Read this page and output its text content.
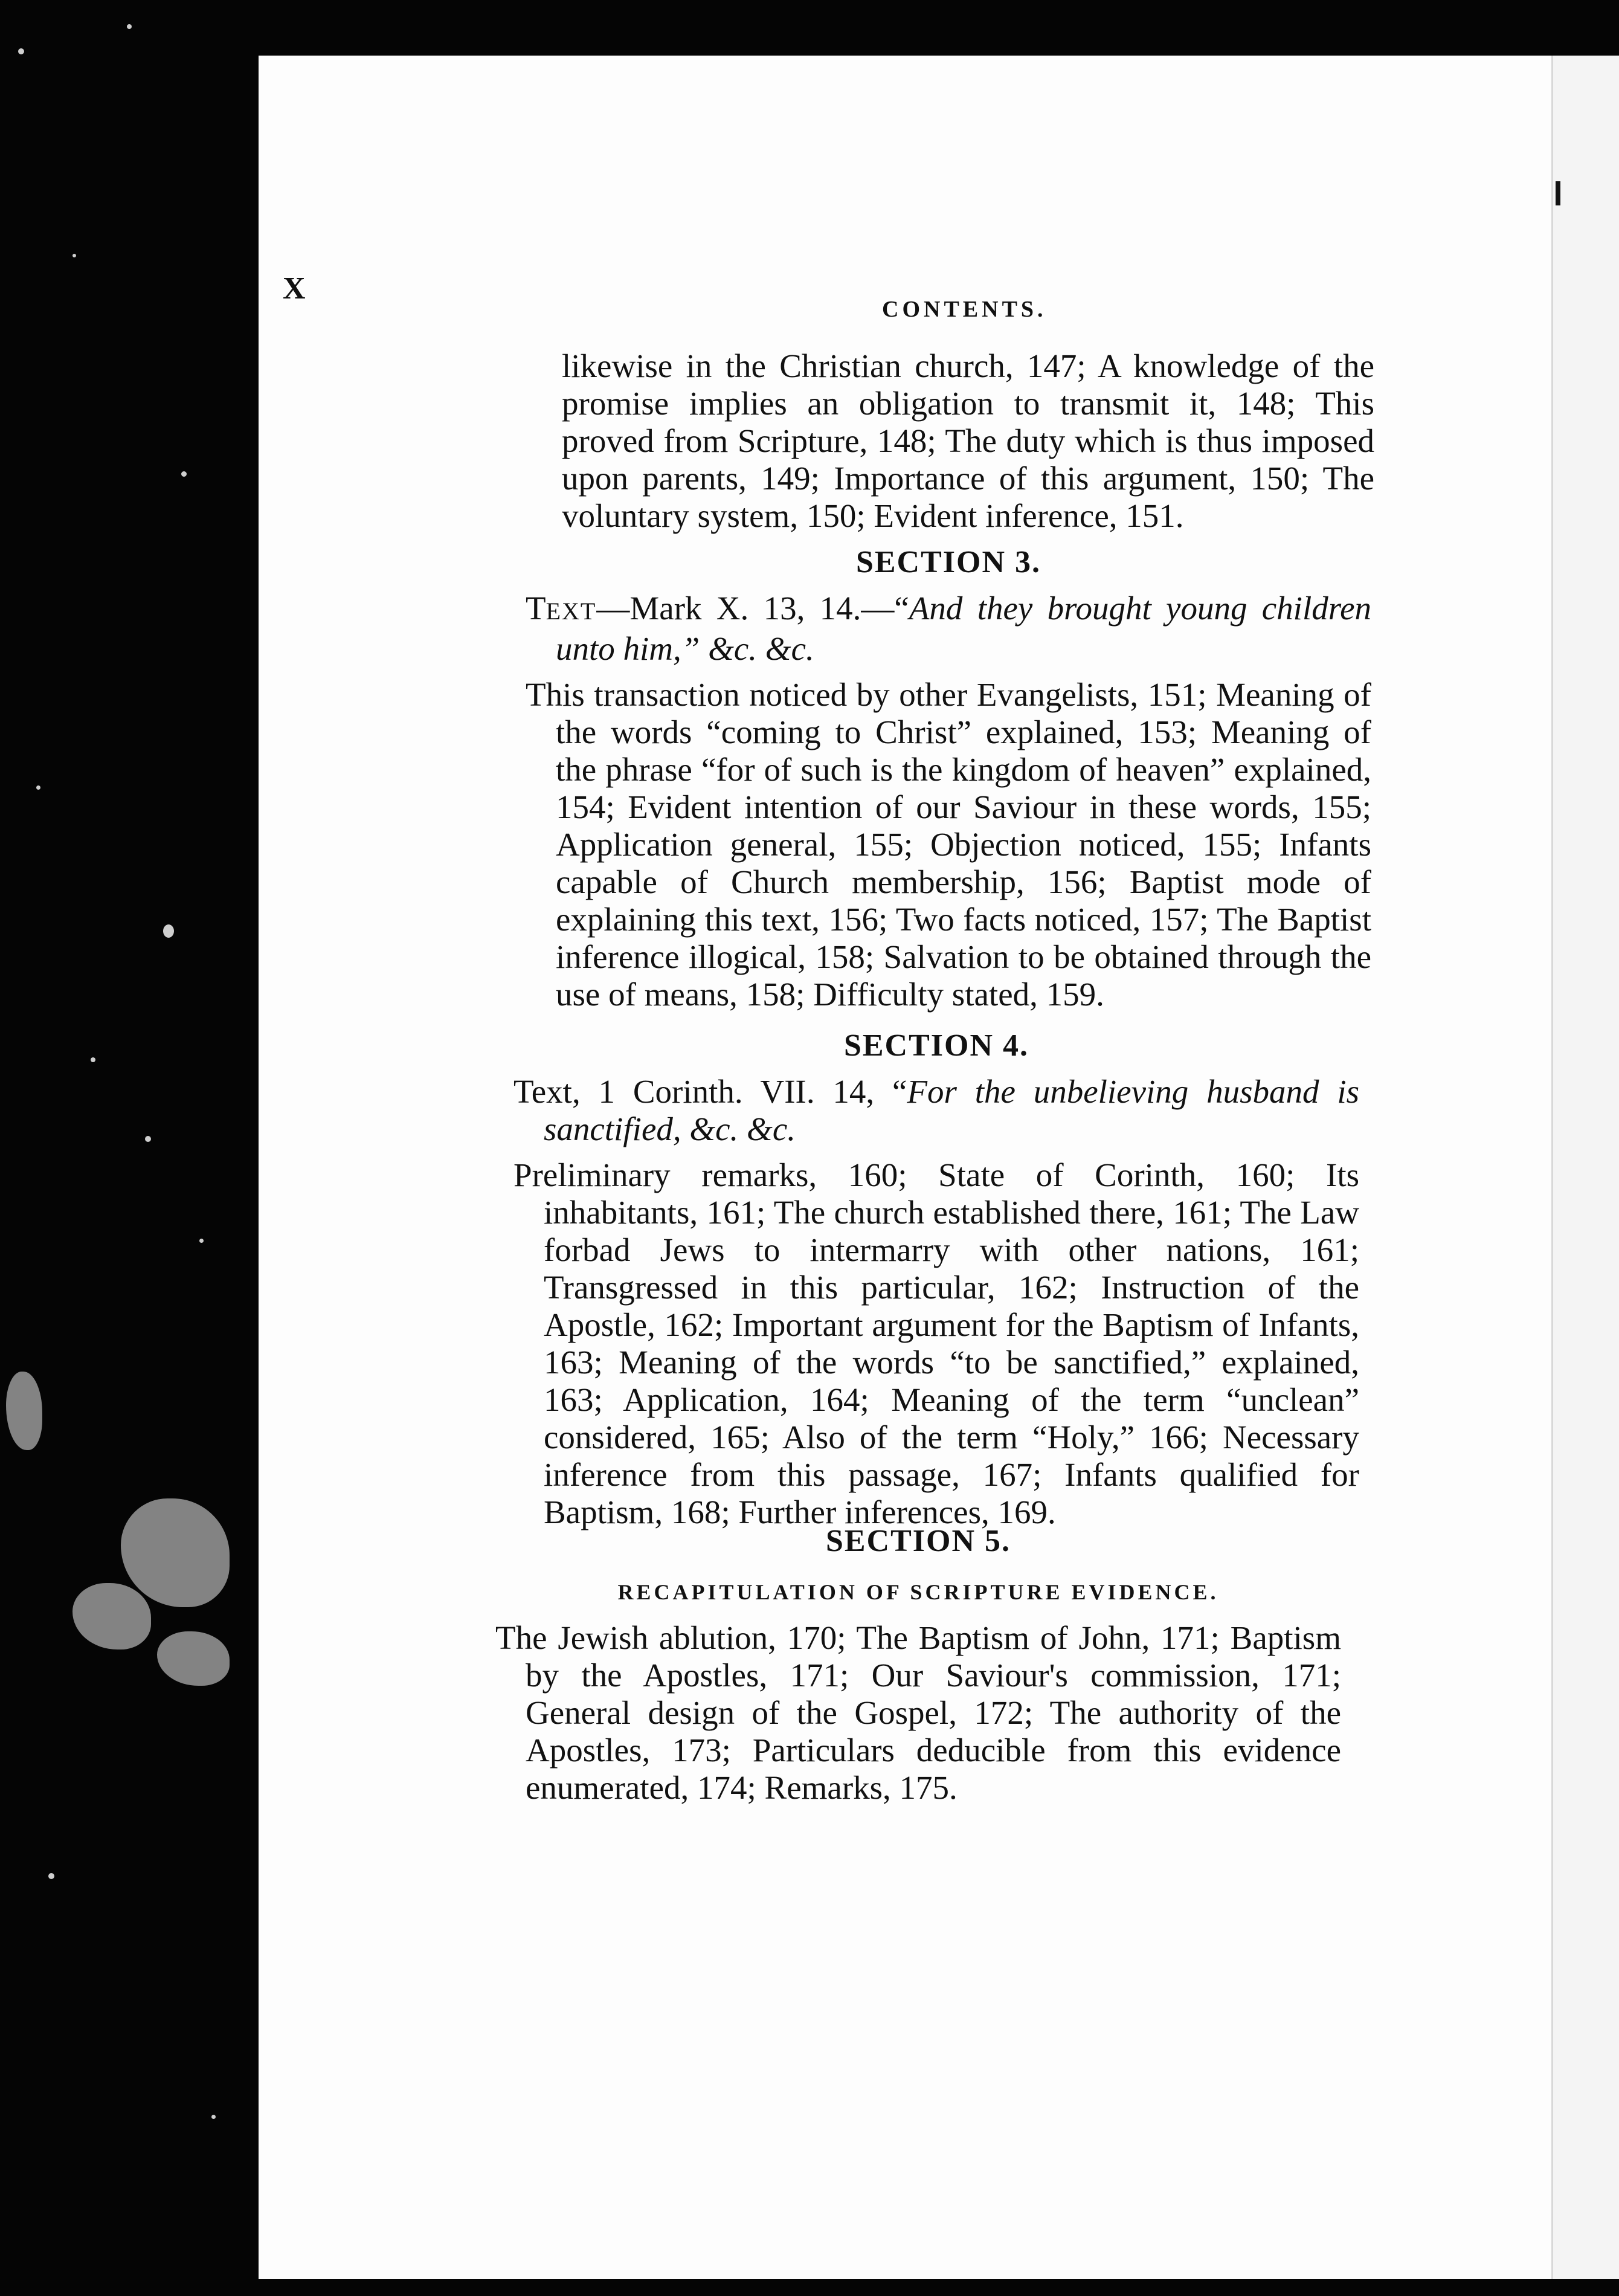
X
CONTENTS.

likewise in the Christian church, 147; A knowledge of the promise implies an obligation to transmit it, 148; This proved from Scripture, 148; The duty which is thus imposed upon parents, 149; Importance of this argument, 150; The voluntary system, 150; Evident inference, 151.

SECTION 3.

TEXT—Mark X. 13, 14.—“And they brought young children unto him,” &c. &c.

This transaction noticed by other Evangelists, 151; Meaning of the words “coming to Christ” explained, 153; Meaning of the phrase “for of such is the kingdom of heaven” explained, 154; Evident intention of our Saviour in these words, 155; Application general, 155; Objection noticed, 155; Infants capable of Church membership, 156; Baptist mode of explaining this text, 156; Two facts noticed, 157; The Baptist inference illogical, 158; Salvation to be obtained through the use of means, 158; Difficulty stated, 159.

SECTION 4.

Text, 1 Corinth. VII. 14, “For the unbelieving husband is sanctified, &c. &c.

Preliminary remarks, 160; State of Corinth, 160; Its inhabitants, 161; The church established there, 161; The Law forbad Jews to intermarry with other nations, 161; Transgressed in this particular, 162; Instruction of the Apostle, 162; Important argument for the Baptism of Infants, 163; Meaning of the words “to be sanctified,” explained, 163; Application, 164; Meaning of the term “unclean” considered, 165; Also of the term “Holy,” 166; Necessary inference from this passage, 167; Infants qualified for Baptism, 168; Further inferences, 169.

SECTION 5.
RECAPITULATION OF SCRIPTURE EVIDENCE.

The Jewish ablution, 170; The Baptism of John, 171; Baptism by the Apostles, 171; Our Saviour's commission, 171; General design of the Gospel, 172; The authority of the Apostles, 173; Particulars deducible from this evidence enumerated, 174; Remarks, 175.
